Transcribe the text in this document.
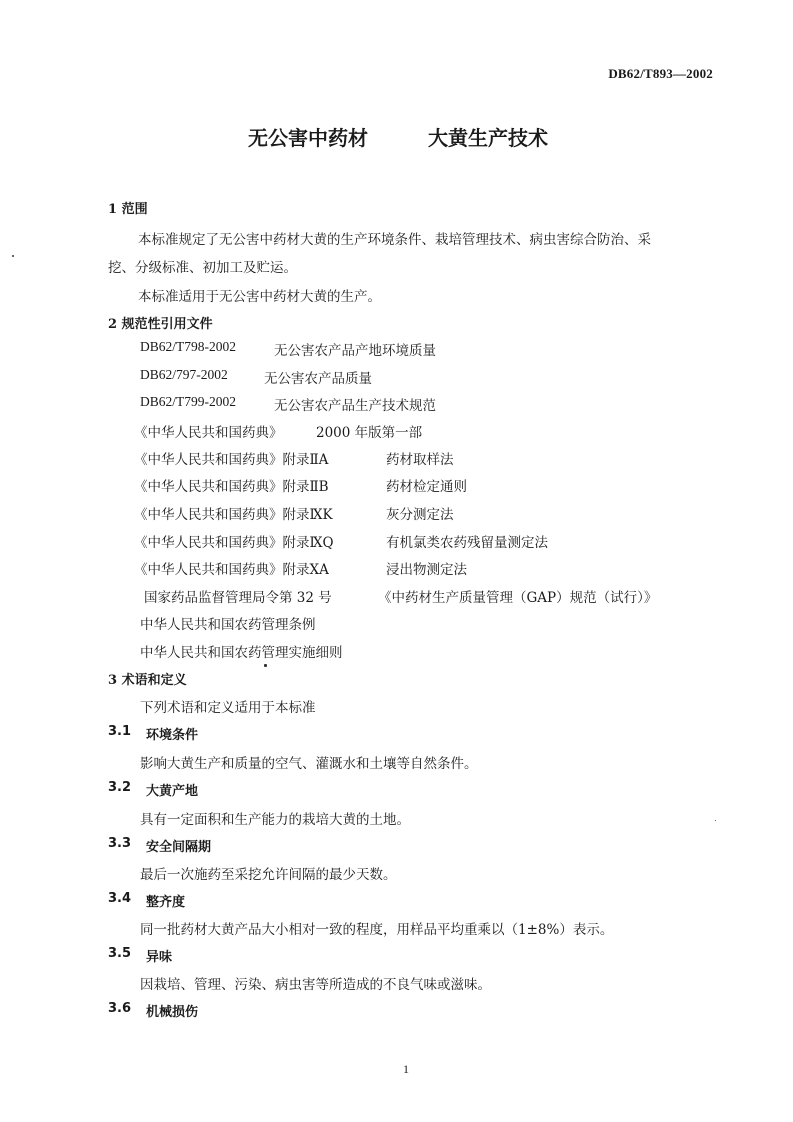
DB62/T893—2002
无公害中药材	大黄生产技术
1 范围
本标准规定了无公害中药材大黄的生产环境条件、栽培管理技术、病虫害综合防治、采
挖、分级标准、初加工及贮运。
本标准适用于无公害中药材大黄的生产。
2 规范性引用文件
DB62/T798-2002	无公害农产品产地环境质量
DB62/797-2002	无公害农产品质量
DB62/T799-2002	无公害农产品生产技术规范
《中华人民共和国药典》 2000 年版第一部
《中华人民共和国药典》附录ⅡA	药材取样法
《中华人民共和国药典》附录ⅡB	药材检定通则
《中华人民共和国药典》附录ⅨK	灰分测定法
《中华人民共和国药典》附录ⅨQ	有机氯类农药残留量测定法
《中华人民共和国药典》附录ⅩA	浸出物测定法
国家药品监督管理局令第 32 号	《中药材生产质量管理（GAP）规范（试行）》
中华人民共和国农药管理条例
中华人民共和国农药管理实施细则
3 术语和定义
下列术语和定义适用于本标准
3.1 环境条件
影响大黄生产和质量的空气、灌溉水和土壤等自然条件。
3.2 大黄产地
具有一定面积和生产能力的栽培大黄的土地。
3.3 安全间隔期
最后一次施药至采挖允许间隔的最少天数。
3.4 整齐度
同一批药材大黄产品大小相对一致的程度，用样品平均重乘以（1±8%）表示。
3.5 异味
因栽培、管理、污染、病虫害等所造成的不良气味或滋味。
3.6 机械损伤
1
